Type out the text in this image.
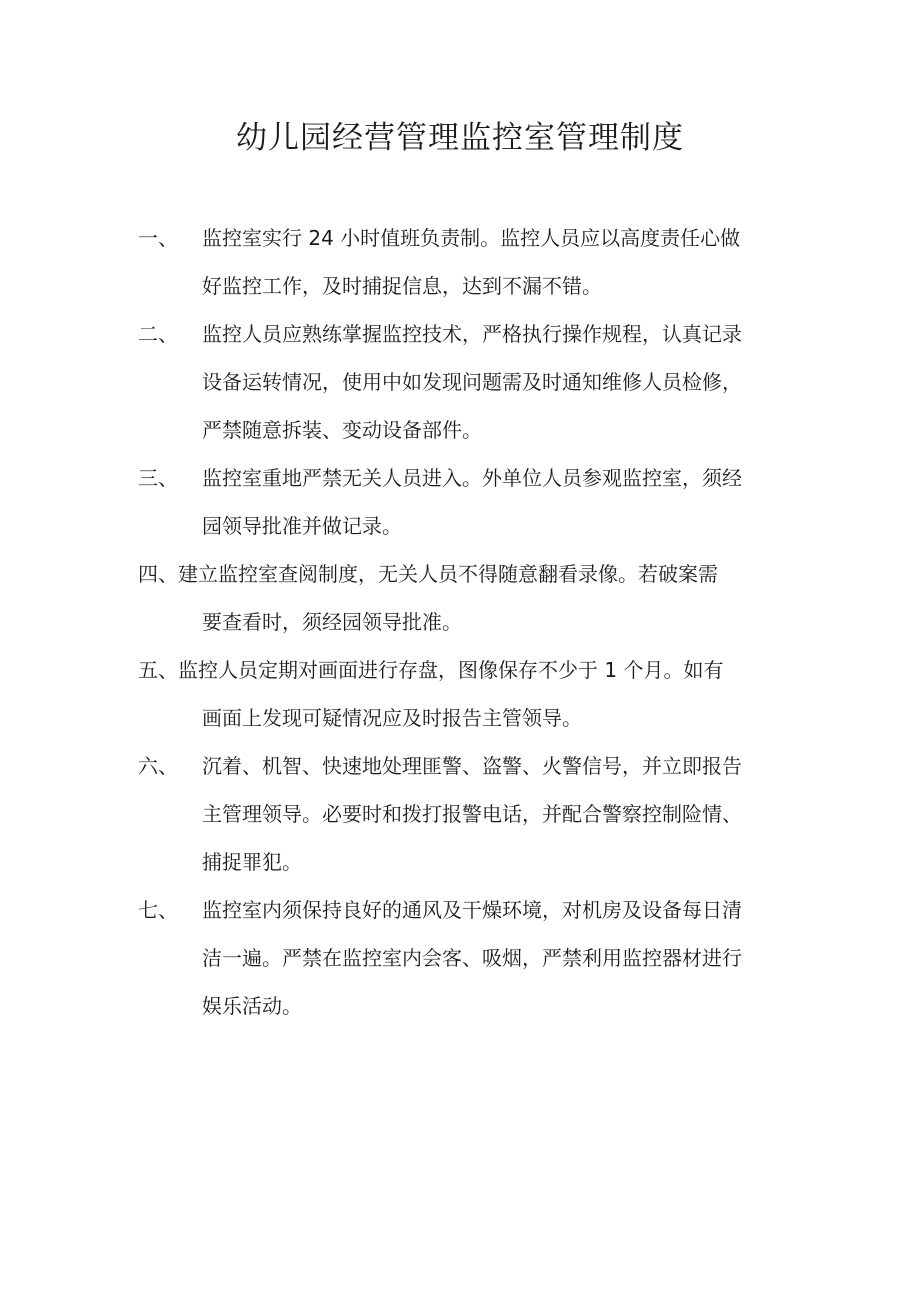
幼儿园经营管理监控室管理制度
一、	监控室实行 24 小时值班负责制。监控人员应以高度责任心做
好监控工作，及时捕捉信息，达到不漏不错。
二、	监控人员应熟练掌握监控技术，严格执行操作规程，认真记录
设备运转情况，使用中如发现问题需及时通知维修人员检修，
严禁随意拆装、变动设备部件。
三、	监控室重地严禁无关人员进入。外单位人员参观监控室，须经
园领导批准并做记录。
四、建立监控室查阅制度，无关人员不得随意翻看录像。若破案需
要查看时，须经园领导批准。
五、监控人员定期对画面进行存盘，图像保存不少于 1 个月。如有
画面上发现可疑情况应及时报告主管领导。
六、	沉着、机智、快速地处理匪警、盗警、火警信号，并立即报告
主管理领导。必要时和拨打报警电话，并配合警察控制险情、
捕捉罪犯。
七、	监控室内须保持良好的通风及干燥环境，对机房及设备每日清
洁一遍。严禁在监控室内会客、吸烟，严禁利用监控器材进行
娱乐活动。
